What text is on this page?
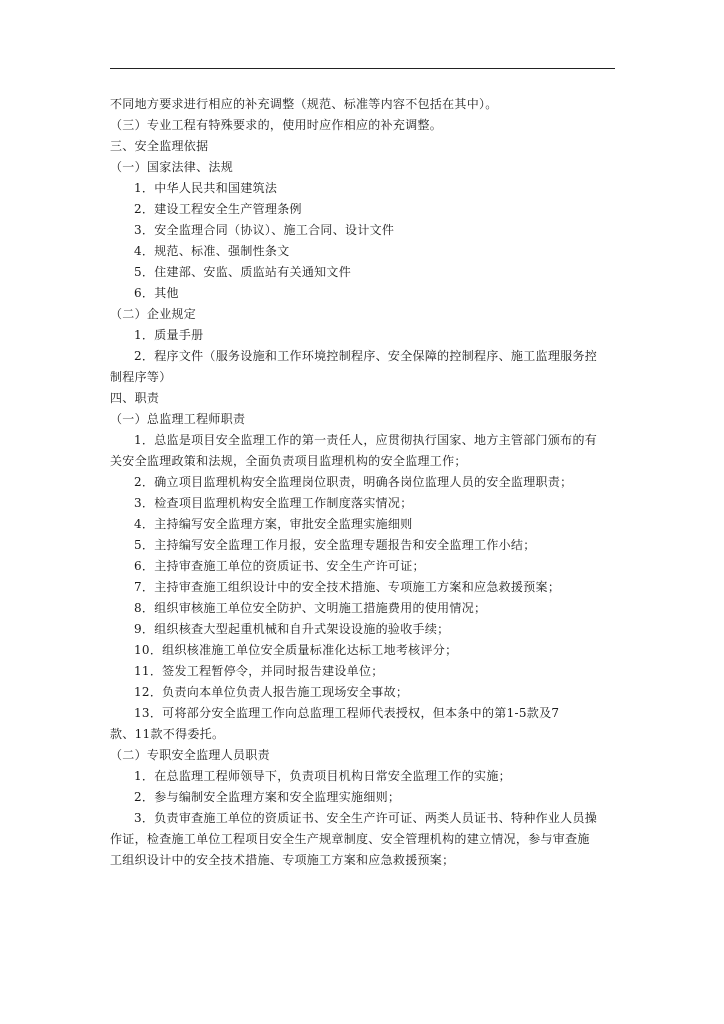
不同地方要求进行相应的补充调整（规范、标准等内容不包括在其中）。
（三）专业工程有特殊要求的，使用时应作相应的补充调整。
三、安全监理依据
（一）国家法律、法规
1．中华人民共和国建筑法
2．建设工程安全生产管理条例
3．安全监理合同（协议）、施工合同、设计文件
4．规范、标准、强制性条文
5．住建部、安监、质监站有关通知文件
6．其他
（二）企业规定
1．质量手册
2．程序文件（服务设施和工作环境控制程序、安全保障的控制程序、施工监理服务控
制程序等）
四、职责
（一）总监理工程师职责
1．总监是项目安全监理工作的第一责任人，应贯彻执行国家、地方主管部门颁布的有
关安全监理政策和法规，全面负责项目监理机构的安全监理工作；
2．确立项目监理机构安全监理岗位职责，明确各岗位监理人员的安全监理职责；
3．检查项目监理机构安全监理工作制度落实情况；
4．主持编写安全监理方案，审批安全监理实施细则
5．主持编写安全监理工作月报，安全监理专题报告和安全监理工作小结；
6．主持审查施工单位的资质证书、安全生产许可证；
7．主持审查施工组织设计中的安全技术措施、专项施工方案和应急救援预案；
8．组织审核施工单位安全防护、文明施工措施费用的使用情况；
9．组织核查大型起重机械和自升式架设设施的验收手续；
10．组织核准施工单位安全质量标准化达标工地考核评分；
11．签发工程暂停令，并同时报告建设单位；
12．负责向本单位负责人报告施工现场安全事故；
13．可将部分安全监理工作向总监理工程师代表授权，但本条中的第1-5款及7
款、11款不得委托。
（二）专职安全监理人员职责
1．在总监理工程师领导下，负责项目机构日常安全监理工作的实施；
2．参与编制安全监理方案和安全监理实施细则；
3．负责审查施工单位的资质证书、安全生产许可证、两类人员证书、特种作业人员操
作证，检查施工单位工程项目安全生产规章制度、安全管理机构的建立情况，参与审查施
工组织设计中的安全技术措施、专项施工方案和应急救援预案；
